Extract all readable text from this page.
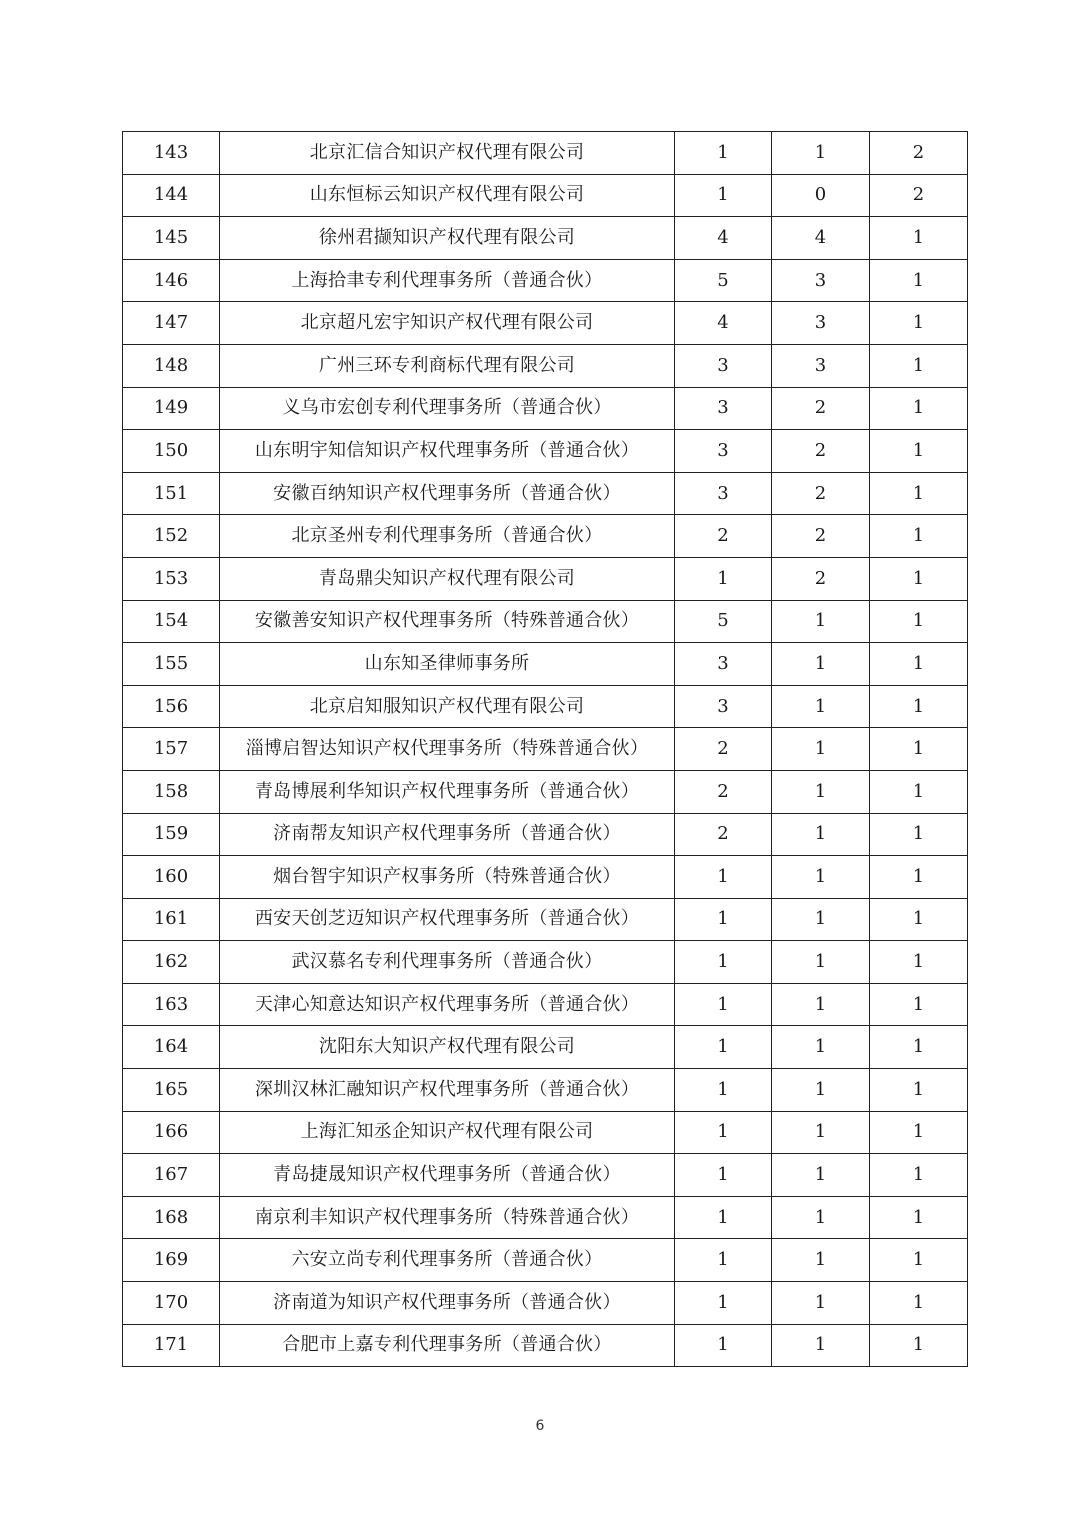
143	北京汇信合知识产权代理有限公司	1	1	2
144	山东恒标云知识产权代理有限公司	1	0	2
145	徐州君撷知识产权代理有限公司	4	4	1
146	上海拾聿专利代理事务所（普通合伙）	5	3	1
147	北京超凡宏宇知识产权代理有限公司	4	3	1
148	广州三环专利商标代理有限公司	3	3	1
149	义乌市宏创专利代理事务所（普通合伙）	3	2	1
150	山东明宇知信知识产权代理事务所（普通合伙）	3	2	1
151	安徽百纳知识产权代理事务所（普通合伙）	3	2	1
152	北京圣州专利代理事务所（普通合伙）	2	2	1
153	青岛鼎尖知识产权代理有限公司	1	2	1
154	安徽善安知识产权代理事务所（特殊普通合伙）	5	1	1
155	山东知圣律师事务所	3	1	1
156	北京启知服知识产权代理有限公司	3	1	1
157	淄博启智达知识产权代理事务所（特殊普通合伙）	2	1	1
158	青岛博展利华知识产权代理事务所（普通合伙）	2	1	1
159	济南帮友知识产权代理事务所（普通合伙）	2	1	1
160	烟台智宇知识产权事务所（特殊普通合伙）	1	1	1
161	西安天创芝迈知识产权代理事务所（普通合伙）	1	1	1
162	武汉慕名专利代理事务所（普通合伙）	1	1	1
163	天津心知意达知识产权代理事务所（普通合伙）	1	1	1
164	沈阳东大知识产权代理有限公司	1	1	1
165	深圳汉林汇融知识产权代理事务所（普通合伙）	1	1	1
166	上海汇知丞企知识产权代理有限公司	1	1	1
167	青岛捷晟知识产权代理事务所（普通合伙）	1	1	1
168	南京利丰知识产权代理事务所（特殊普通合伙）	1	1	1
169	六安立尚专利代理事务所（普通合伙）	1	1	1
170	济南道为知识产权代理事务所（普通合伙）	1	1	1
171	合肥市上嘉专利代理事务所（普通合伙）	1	1	1
6
